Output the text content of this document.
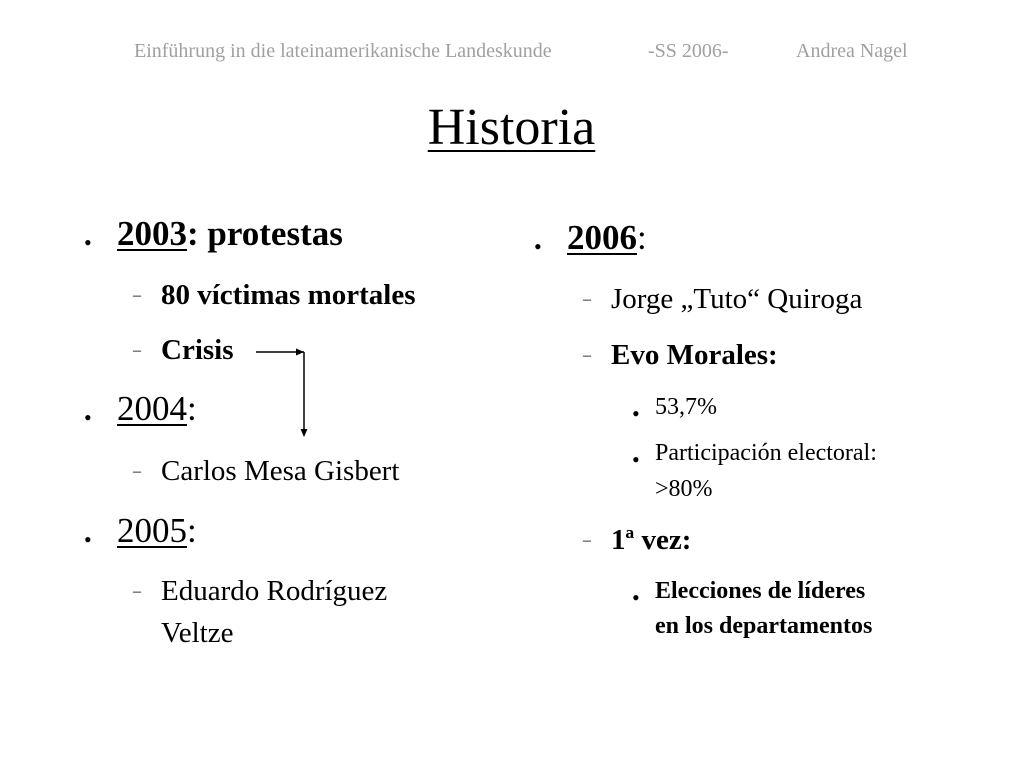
Einführung in die lateinamerikanische Landeskunde	-SS 2006-	Andrea Nagel
Historia
• 2003: protestas
– 80 víctimas mortales
– Crisis
• 2004:
– Carlos Mesa Gisbert
• 2005:
– Eduardo Rodríguez
Veltze
• 2006:
– Jorge „Tuto“ Quiroga
– Evo Morales:
• 53,7%
• Participación electoral:
>80%
– 1ª vez:
• Elecciones de líderes
en los departamentos
